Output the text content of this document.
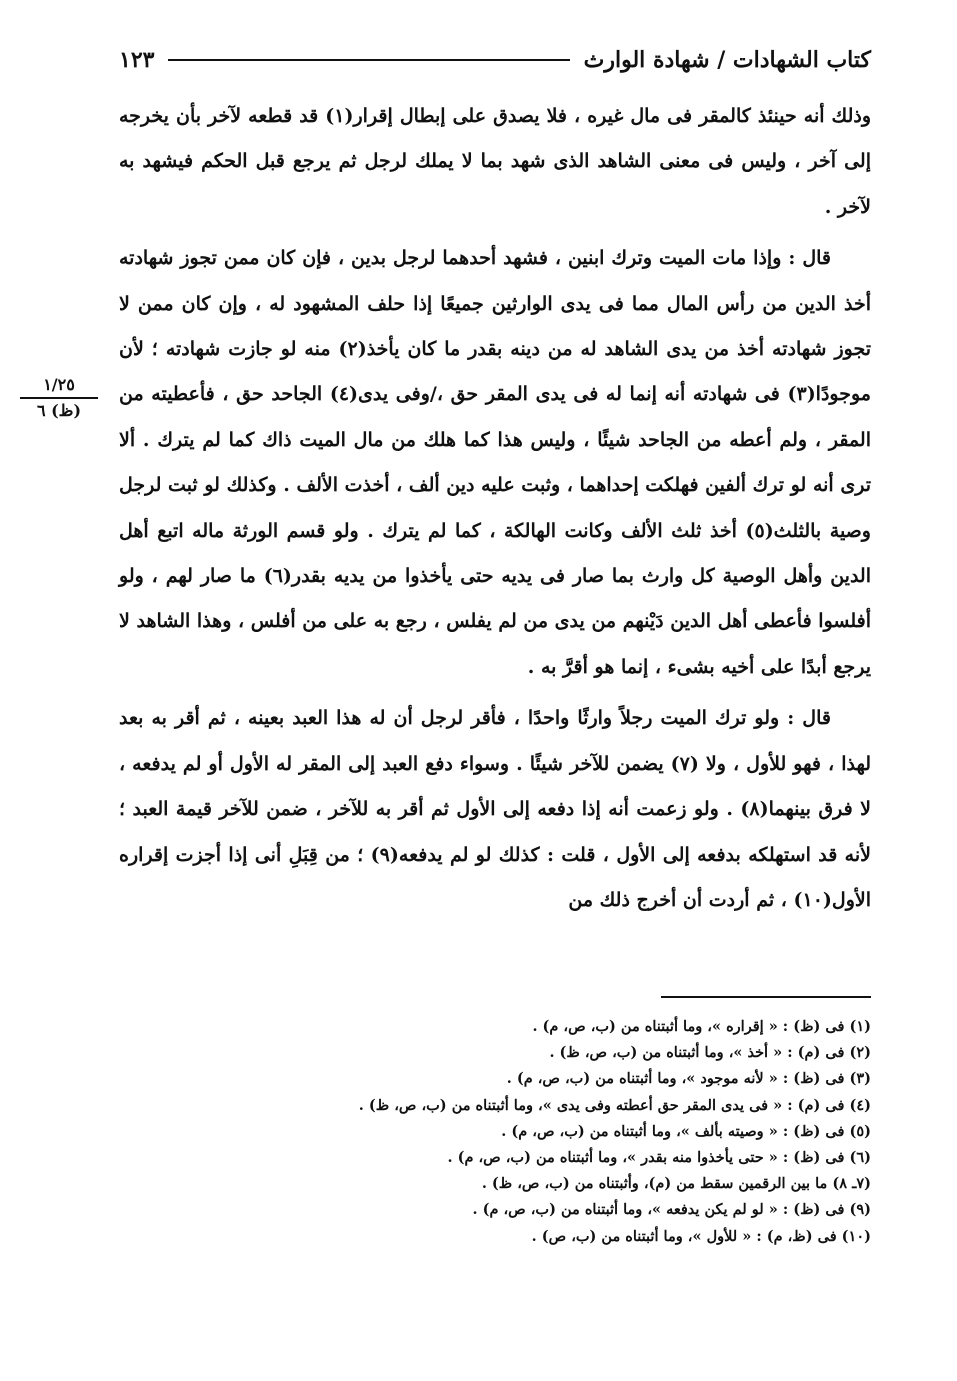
كتاب الشهادات / شهادة الوارث
١٢٣
١/٢٥
(ظ) ٦

وذلك أنه حينئذ كالمقر فى مال غيره ، فلا يصدق على إبطال إقرار(١) قد قطعه لآخر بأن يخرجه إلى آخر ، وليس فى معنى الشاهد الذى شهد بما لا يملك لرجل ثم يرجع قبل الحكم فيشهد به لآخر .

قال : وإذا مات الميت وترك ابنين ، فشهد أحدهما لرجل بدين ، فإن كان ممن تجوز شهادته أخذ الدين من رأس المال مما فى يدى الوارثين جميعًا إذا حلف المشهود له ، وإن كان ممن لا تجوز شهادته أخذ من يدى الشاهد له من دينه بقدر ما كان يأخذ(٢) منه لو جازت شهادته ؛ لأن موجودًا(٣) فى شهادته أنه إنما له فى يدى المقر حق ،/وفى يدى(٤) الجاحد حق ، فأعطيته من المقر ، ولم أعطه من الجاحد شيئًا ، وليس هذا كما هلك من مال الميت ذاك كما لم يترك . ألا ترى أنه لو ترك ألفين فهلكت إحداهما ، وثبت عليه دين ألف ، أخذت الألف . وكذلك لو ثبت لرجل وصية بالثلث(٥) أخذ ثلث الألف وكانت الهالكة ، كما لم يترك . ولو قسم الورثة ماله اتبع أهل الدين وأهل الوصية كل وارث بما صار فى يديه حتى يأخذوا من يديه بقدر(٦) ما صار لهم ، ولو أفلسوا فأعطى أهل الدين دَيْنهم من يدى من لم يفلس ، رجع به على من أفلس ، وهذا الشاهد لا يرجع أبدًا على أخيه بشىء ، إنما هو أقرَّ به .

قال : ولو ترك الميت رجلاً وارثًا واحدًا ، فأقر لرجل أن له هذا العبد بعينه ، ثم أقر به بعد لهذا ، فهو للأول ، ولا (٧) يضمن للآخر شيئًا . وسواء دفع العبد إلى المقر له الأول أو لم يدفعه ، لا فرق بينهما(٨) . ولو زعمت أنه إذا دفعه إلى الأول ثم أقر به للآخر ، ضمن للآخر قيمة العبد ؛ لأنه قد استهلكه بدفعه إلى الأول ، قلت : كذلك لو لم يدفعه(٩) ؛ من قِبَلِ أنى إذا أجزت إقراره الأول(١٠) ، ثم أردت أن أخرج ذلك من

(١) فى (ظ) : « إقراره »، وما أثبتناه من (ب، ص، م) .

(٢) فى (م) : « أخذ »، وما أثبتناه من (ب، ص، ظ) .

(٣) فى (ظ) : « لأنه موجود »، وما أثبتناه من (ب، ص، م) .

(٤) فى (م) : « فى يدى المقر حق أعطته وفى يدى »، وما أثبتناه من (ب، ص، ظ) .

(٥) فى (ظ) : « وصيته بألف »، وما أثبتناه من (ب، ص، م) .

(٦) فى (ظ) : « حتى يأخذوا منه بقدر »، وما أثبتناه من (ب، ص، م) .

(٧ـ ٨) ما بين الرقمين سقط من (م)، وأثبتناه من (ب، ص، ظ) .

(٩) فى (ظ) : « لو لم يكن يدفعه »، وما أثبتناه من (ب، ص، م) .

(١٠) فى (ظ، م) : « للأول »، وما أثبتناه من (ب، ص) .
